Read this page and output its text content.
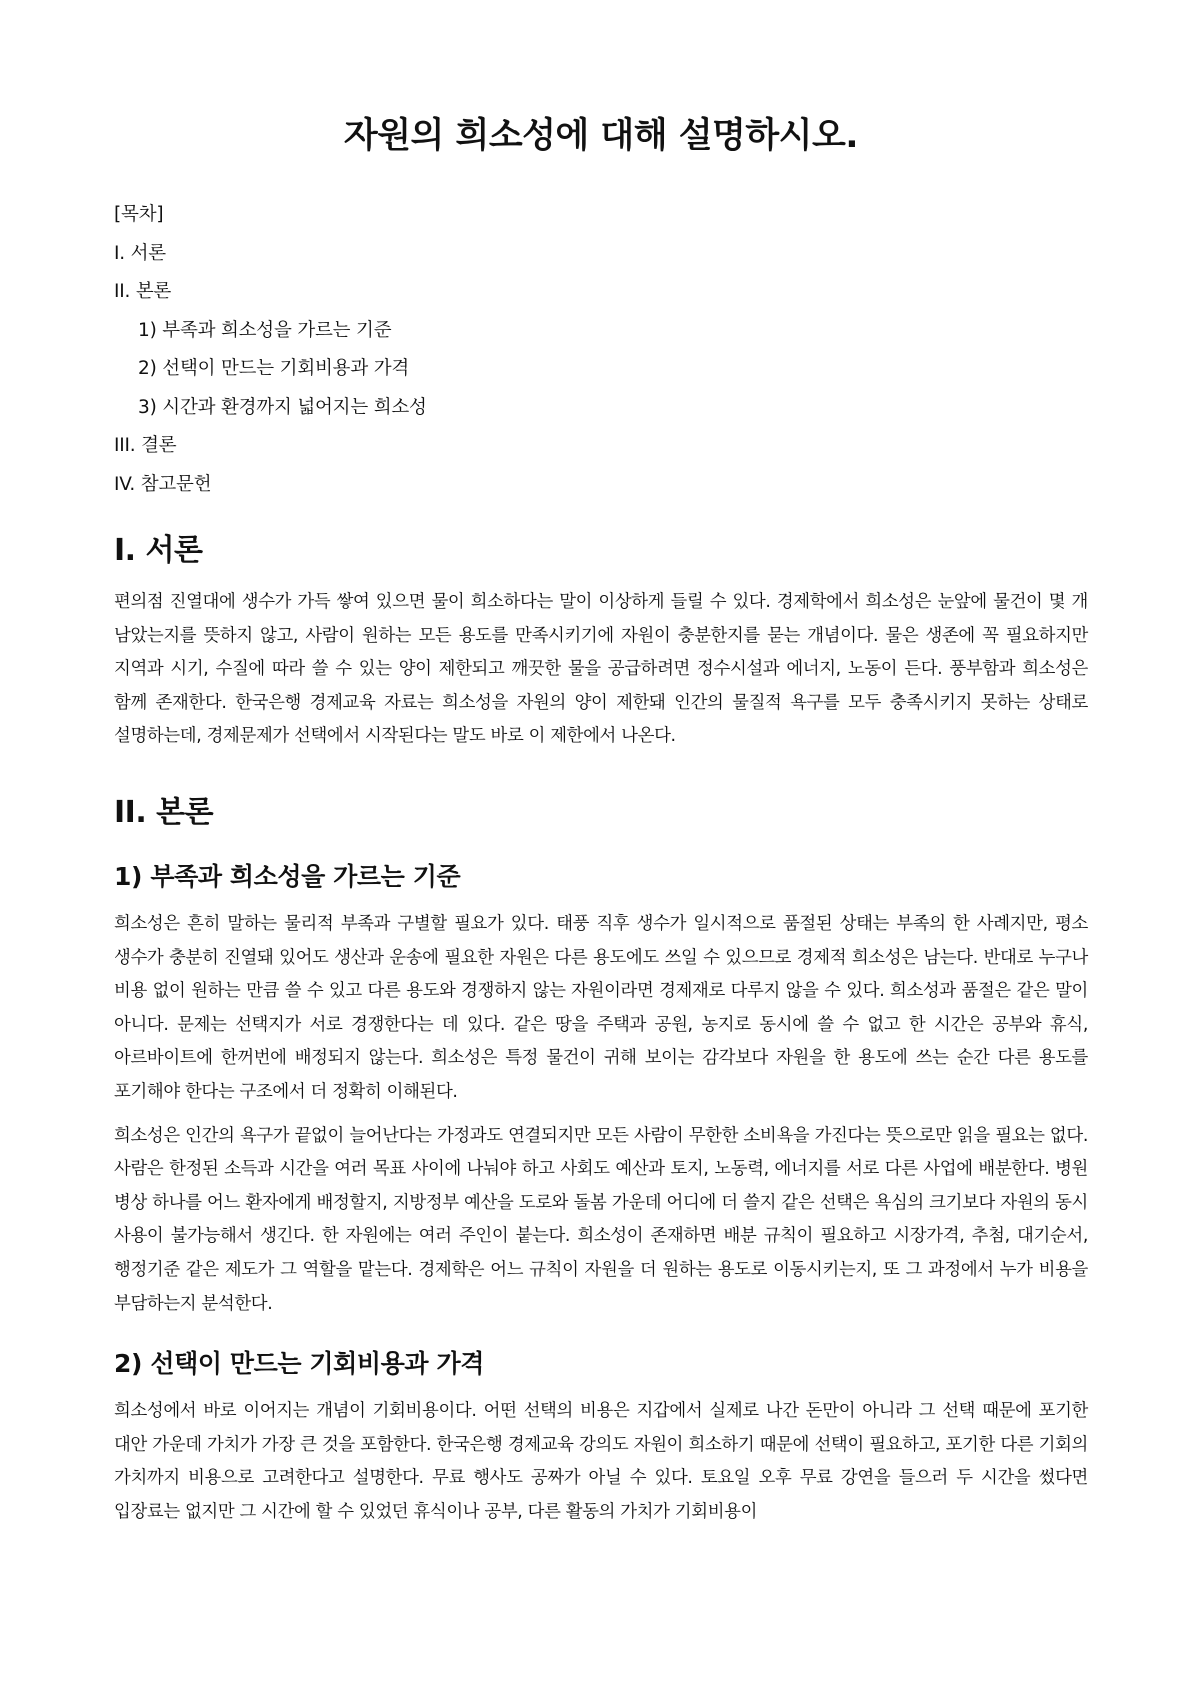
자원의 희소성에 대해 설명하시오.
[목차]
I. 서론
II. 본론
1) 부족과 희소성을 가르는 기준
2) 선택이 만드는 기회비용과 가격
3) 시간과 환경까지 넓어지는 희소성
III. 결론
IV. 참고문헌
I. 서론

편의점 진열대에 생수가 가득 쌓여 있으면 물이 희소하다는 말이 이상하게 들릴 수 있다. 경제학에서 희소성은 눈앞에 물건이 몇 개 남았는지를 뜻하지 않고, 사람이 원하는 모든 용도를 만족시키기에 자원이 충분한지를 묻는 개념이다. 물은 생존에 꼭 필요하지만 지역과 시기, 수질에 따라 쓸 수 있는 양이 제한되고 깨끗한 물을 공급하려면 정수시설과 에너지, 노동이 든다. 풍부함과 희소성은 함께 존재한다. 한국은행 경제교육 자료는 희소성을 자원의 양이 제한돼 인간의 물질적 욕구를 모두 충족시키지 못하는 상태로 설명하는데, 경제문제가 선택에서 시작된다는 말도 바로 이 제한에서 나온다.

II. 본론
1) 부족과 희소성을 가르는 기준

희소성은 흔히 말하는 물리적 부족과 구별할 필요가 있다. 태풍 직후 생수가 일시적으로 품절된 상태는 부족의 한 사례지만, 평소 생수가 충분히 진열돼 있어도 생산과 운송에 필요한 자원은 다른 용도에도 쓰일 수 있으므로 경제적 희소성은 남는다. 반대로 누구나 비용 없이 원하는 만큼 쓸 수 있고 다른 용도와 경쟁하지 않는 자원이라면 경제재로 다루지 않을 수 있다. 희소성과 품절은 같은 말이 아니다. 문제는 선택지가 서로 경쟁한다는 데 있다. 같은 땅을 주택과 공원, 농지로 동시에 쓸 수 없고 한 시간은 공부와 휴식, 아르바이트에 한꺼번에 배정되지 않는다. 희소성은 특정 물건이 귀해 보이는 감각보다 자원을 한 용도에 쓰는 순간 다른 용도를 포기해야 한다는 구조에서 더 정확히 이해된다.

희소성은 인간의 욕구가 끝없이 늘어난다는 가정과도 연결되지만 모든 사람이 무한한 소비욕을 가진다는 뜻으로만 읽을 필요는 없다. 사람은 한정된 소득과 시간을 여러 목표 사이에 나눠야 하고 사회도 예산과 토지, 노동력, 에너지를 서로 다른 사업에 배분한다. 병원 병상 하나를 어느 환자에게 배정할지, 지방정부 예산을 도로와 돌봄 가운데 어디에 더 쓸지 같은 선택은 욕심의 크기보다 자원의 동시 사용이 불가능해서 생긴다. 한 자원에는 여러 주인이 붙는다. 희소성이 존재하면 배분 규칙이 필요하고 시장가격, 추첨, 대기순서, 행정기준 같은 제도가 그 역할을 맡는다. 경제학은 어느 규칙이 자원을 더 원하는 용도로 이동시키는지, 또 그 과정에서 누가 비용을 부담하는지 분석한다.

2) 선택이 만드는 기회비용과 가격

희소성에서 바로 이어지는 개념이 기회비용이다. 어떤 선택의 비용은 지갑에서 실제로 나간 돈만이 아니라 그 선택 때문에 포기한 대안 가운데 가치가 가장 큰 것을 포함한다. 한국은행 경제교육 강의도 자원이 희소하기 때문에 선택이 필요하고, 포기한 다른 기회의 가치까지 비용으로 고려한다고 설명한다. 무료 행사도 공짜가 아닐 수 있다. 토요일 오후 무료 강연을 들으러 두 시간을 썼다면 입장료는 없지만 그 시간에 할 수 있었던 휴식이나 공부, 다른 활동의 가치가 기회비용이
